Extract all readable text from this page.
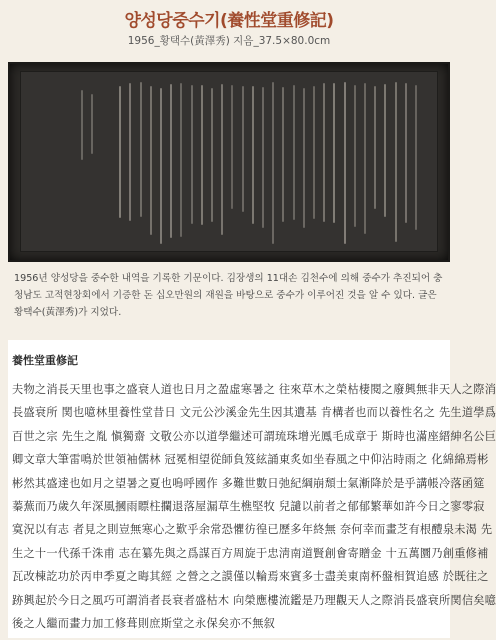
양성당중수기(養性堂重修記)
1956_황택수(黃澤秀) 지음_37.5×80.0cm
1956년 양성당을 중수한 내역을 기록한 기문이다. 김장생의 11대손 김천수에 의해 중수가 추진되어 충청남도 고적현창회에서 기증한 돈 십오만원의 재원을 바탕으로 중수가 이루어진 것을 알 수 있다. 글은 황택수(黃澤秀)가 지었다.
養性堂重修記
夫物之消長天里也事之盛衰人道也日月之盈虛寒暑之 往來草木之榮枯棲閱之廢興無非天人之際消
長盛衰所 関也噫林里養性堂昔日 文元公沙溪金先生因其遺基 肯構者也而以養性名之 先生道學爲
百世之宗 先生之胤 愼獨齋 文敬公亦以道學繼述可謂琉珠增光鳳毛成章于 斯時也滿座縉紳名公巨
卿文章大筆雷鳴於世領袖儒林 冠冕相望從師負笈絃誦東炙如坐春風之中仰沾時雨之 化綿綿焉彬
彬然其盛達也如月之望暑之夏也嗚呼國作 多難世數日弛紀綱崩頹士氣漸降於是乎講帳冷落函筵
蓁蕪而乃歲久年深風摑雨瞟柱攔退落屋漏草生樵堅牧 兒譴以前者之郁郁繁華如許今日之寥零寂
寞況以有志 者見之則豈無寒心之歎乎余常恐懼彷徨已歷多年終無 奈何幸而畫芝有根醴泉未渴 先
生之十一代孫千洙甫 志在纂先與之爲謀百方周旋于忠淸南道賢創會寄贈金 十五萬圜乃創重修補
瓦改棟訖功於丙申季夏之晦其經 之營之之謨僅以輪焉來賓多士盡美東南杯盤相賀追感 於既往之
跡興起於今日之風巧可謂消者長衰者盛枯木 向榮應樓流鑑是乃理觀天人之際消長盛衰所関信矣噫
後之人繼而畫力加工修葺則庶斯堂之永保矣亦不無叙
